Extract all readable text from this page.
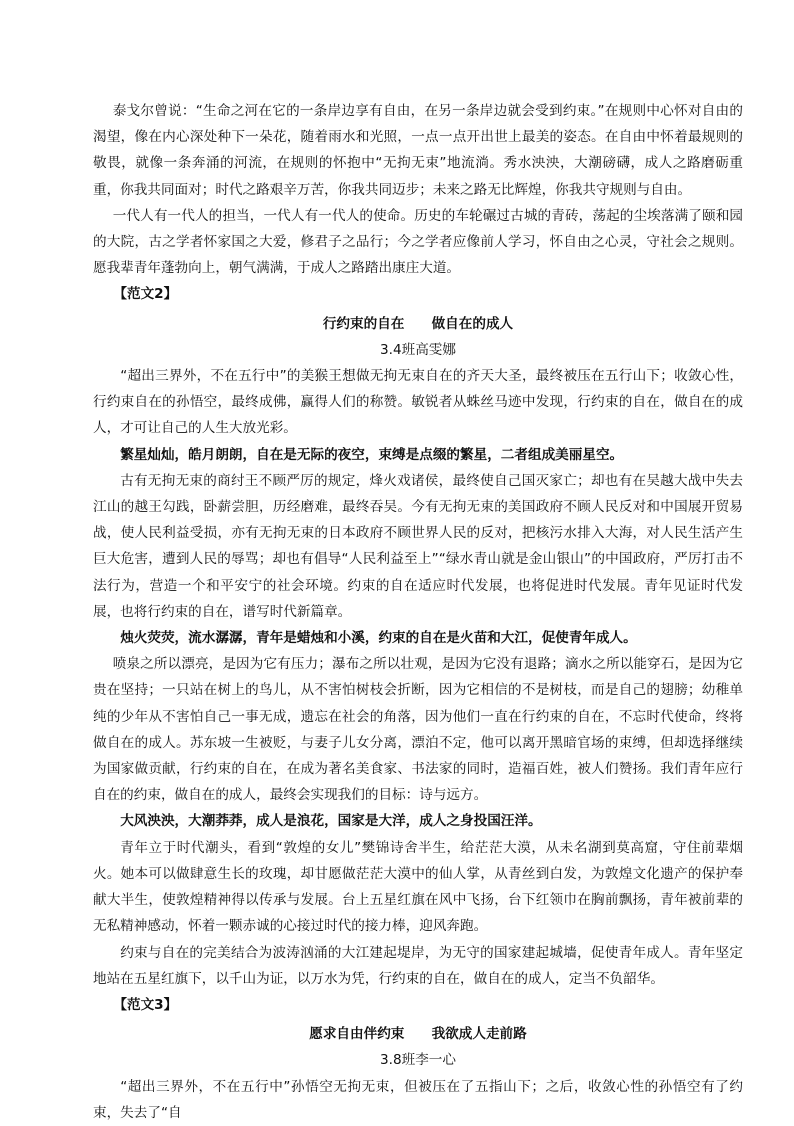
泰戈尔曾说：“生命之河在它的一条岸边享有自由，在另一条岸边就会受到约束。”在规则中心怀对自由的渴望，像在内心深处种下一朵花，随着雨水和光照，一点一点开出世上最美的姿态。在自由中怀着最规则的敬畏，就像一条奔涌的河流，在规则的怀抱中“无拘无束”地流淌。秀水泱泱，大潮磅礴，成人之路磨砺重重，你我共同面对；时代之路艰辛万苦，你我共同迈步；未来之路无比辉煌，你我共守规则与自由。

一代人有一代人的担当，一代人有一代人的使命。历史的车轮碾过古城的青砖，荡起的尘埃落满了颐和园的大院，古之学者怀家国之大爱，修君子之品行；今之学者应像前人学习，怀自由之心灵，守社会之规则。愿我辈青年蓬勃向上，朝气满满，于成人之路踏出康庄大道。

【范文2】

行约束的自在　　做自在的成人

3.4班高雯娜

“超出三界外，不在五行中”的美猴王想做无拘无束自在的齐天大圣，最终被压在五行山下；收敛心性，行约束自在的孙悟空，最终成佛，赢得人们的称赞。敏锐者从蛛丝马迹中发现，行约束的自在，做自在的成人，才可让自己的人生大放光彩。

繁星灿灿，皓月朗朗，自在是无际的夜空，束缚是点缀的繁星，二者组成美丽星空。

古有无拘无束的商纣王不顾严厉的规定，烽火戏诸侯，最终使自己国灭家亡；却也有在吴越大战中失去江山的越王勾践，卧薪尝胆，历经磨难，最终吞吴。今有无拘无束的美国政府不顾人民反对和中国展开贸易战，使人民利益受损，亦有无拘无束的日本政府不顾世界人民的反对，把核污水排入大海，对人民生活产生巨大危害，遭到人民的辱骂；却也有倡导“人民利益至上”“绿水青山就是金山银山”的中国政府，严厉打击不法行为，营造一个和平安宁的社会环境。约束的自在适应时代发展，也将促进时代发展。青年见证时代发展，也将行约束的自在，谱写时代新篇章。

烛火荧荧，流水潺潺，青年是蜡烛和小溪，约束的自在是火苗和大江，促使青年成人。

喷泉之所以漂亮，是因为它有压力；瀑布之所以壮观，是因为它没有退路；滴水之所以能穿石，是因为它贵在坚持；一只站在树上的鸟儿，从不害怕树枝会折断，因为它相信的不是树枝，而是自己的翅膀；幼稚单纯的少年从不害怕自己一事无成，遗忘在社会的角落，因为他们一直在行约束的自在，不忘时代使命，终将做自在的成人。苏东坡一生被贬，与妻子儿女分离，漂泊不定，他可以离开黑暗官场的束缚，但却选择继续为国家做贡献，行约束的自在，在成为著名美食家、书法家的同时，造福百姓，被人们赞扬。我们青年应行自在的约束，做自在的成人，最终会实现我们的目标：诗与远方。

大风泱泱，大潮莽莽，成人是浪花，国家是大洋，成人之身投国汪洋。

青年立于时代潮头，看到“敦煌的女儿”樊锦诗舍半生，给茫茫大漠，从未名湖到莫高窟，守住前辈烟火。她本可以做肆意生长的玫瑰，却甘愿做茫茫大漠中的仙人掌，从青丝到白发，为敦煌文化遗产的保护奉献大半生，使敦煌精神得以传承与发展。台上五星红旗在风中飞扬，台下红领巾在胸前飘扬，青年被前辈的无私精神感动，怀着一颗赤诚的心接过时代的接力棒，迎风奔跑。

约束与自在的完美结合为波涛汹涌的大江建起堤岸，为无守的国家建起城墙，促使青年成人。青年坚定地站在五星红旗下，以千山为证，以万水为凭，行约束的自在，做自在的成人，定当不负韶华。

【范文3】

愿求自由伴约束　　我欲成人走前路

3.8班李一心

“超出三界外，不在五行中”孙悟空无拘无束，但被压在了五指山下；之后，收敛心性的孙悟空有了约束，失去了“自
